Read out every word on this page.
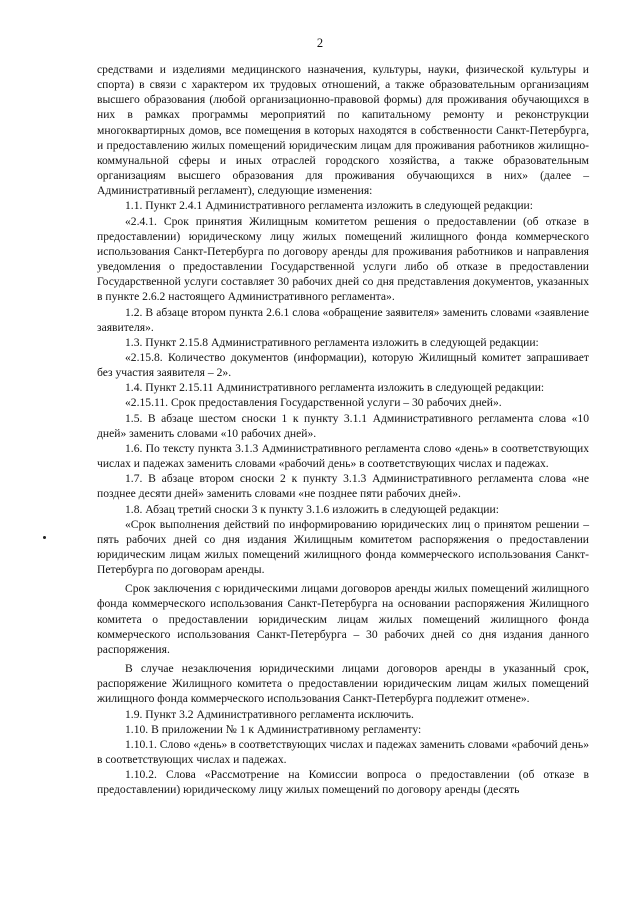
2

средствами и изделиями медицинского назначения, культуры, науки, физической культуры и спорта) в связи с характером их трудовых отношений, а также образовательным организациям высшего образования (любой организационно-правовой формы) для проживания обучающихся в них в рамках программы мероприятий по капитальному ремонту и реконструкции многоквартирных домов, все помещения в которых находятся в собственности Санкт-Петербурга, и предоставлению жилых помещений юридическим лицам для проживания работников жилищно-коммунальной сферы и иных отраслей городского хозяйства, а также образовательным организациям высшего образования для проживания обучающихся в них» (далее – Административный регламент), следующие изменения:

1.1. Пункт 2.4.1 Административного регламента изложить в следующей редакции:

«2.4.1. Срок принятия Жилищным комитетом решения о предоставлении (об отказе в предоставлении) юридическому лицу жилых помещений жилищного фонда коммерческого использования Санкт-Петербурга по договору аренды для проживания работников и направления уведомления о предоставлении Государственной услуги либо об отказе в предоставлении Государственной услуги составляет 30 рабочих дней со дня представления документов, указанных в пункте 2.6.2 настоящего Административного регламента».

1.2. В абзаце втором пункта 2.6.1 слова «обращение заявителя» заменить словами «заявление заявителя».

1.3. Пункт 2.15.8 Административного регламента изложить в следующей редакции:

«2.15.8. Количество документов (информации), которую Жилищный комитет запрашивает без участия заявителя – 2».

1.4. Пункт 2.15.11 Административного регламента изложить в следующей редакции:

«2.15.11. Срок предоставления Государственной услуги – 30 рабочих дней».

1.5. В абзаце шестом сноски 1 к пункту 3.1.1 Административного регламента слова «10 дней» заменить словами «10 рабочих дней».

1.6. По тексту пункта 3.1.3 Административного регламента слово «день» в соответствующих числах и падежах заменить словами «рабочий день» в соответствующих числах и падежах.

1.7. В абзаце втором сноски 2 к пункту 3.1.3 Административного регламента слова «не позднее десяти дней» заменить словами «не позднее пяти рабочих дней».

1.8. Абзац третий сноски 3 к пункту 3.1.6 изложить в следующей редакции:

«Срок выполнения действий по информированию юридических лиц о принятом решении – пять рабочих дней со дня издания Жилищным комитетом распоряжения о предоставлении юридическим лицам жилых помещений жилищного фонда коммерческого использования Санкт-Петербурга по договорам аренды.

Срок заключения с юридическими лицами договоров аренды жилых помещений жилищного фонда коммерческого использования Санкт-Петербурга на основании распоряжения Жилищного комитета о предоставлении юридическим лицам жилых помещений жилищного фонда коммерческого использования Санкт-Петербурга – 30 рабочих дней со дня издания данного распоряжения.

В случае незаключения юридическими лицами договоров аренды в указанный срок, распоряжение Жилищного комитета о предоставлении юридическим лицам жилых помещений жилищного фонда коммерческого использования Санкт-Петербурга подлежит отмене».

1.9. Пункт 3.2 Административного регламента исключить.

1.10. В приложении № 1 к Административному регламенту:

1.10.1. Слово «день» в соответствующих числах и падежах заменить словами «рабочий день» в соответствующих числах и падежах.

1.10.2. Слова «Рассмотрение на Комиссии вопроса о предоставлении (об отказе в предоставлении) юридическому лицу жилых помещений по договору аренды (десять
